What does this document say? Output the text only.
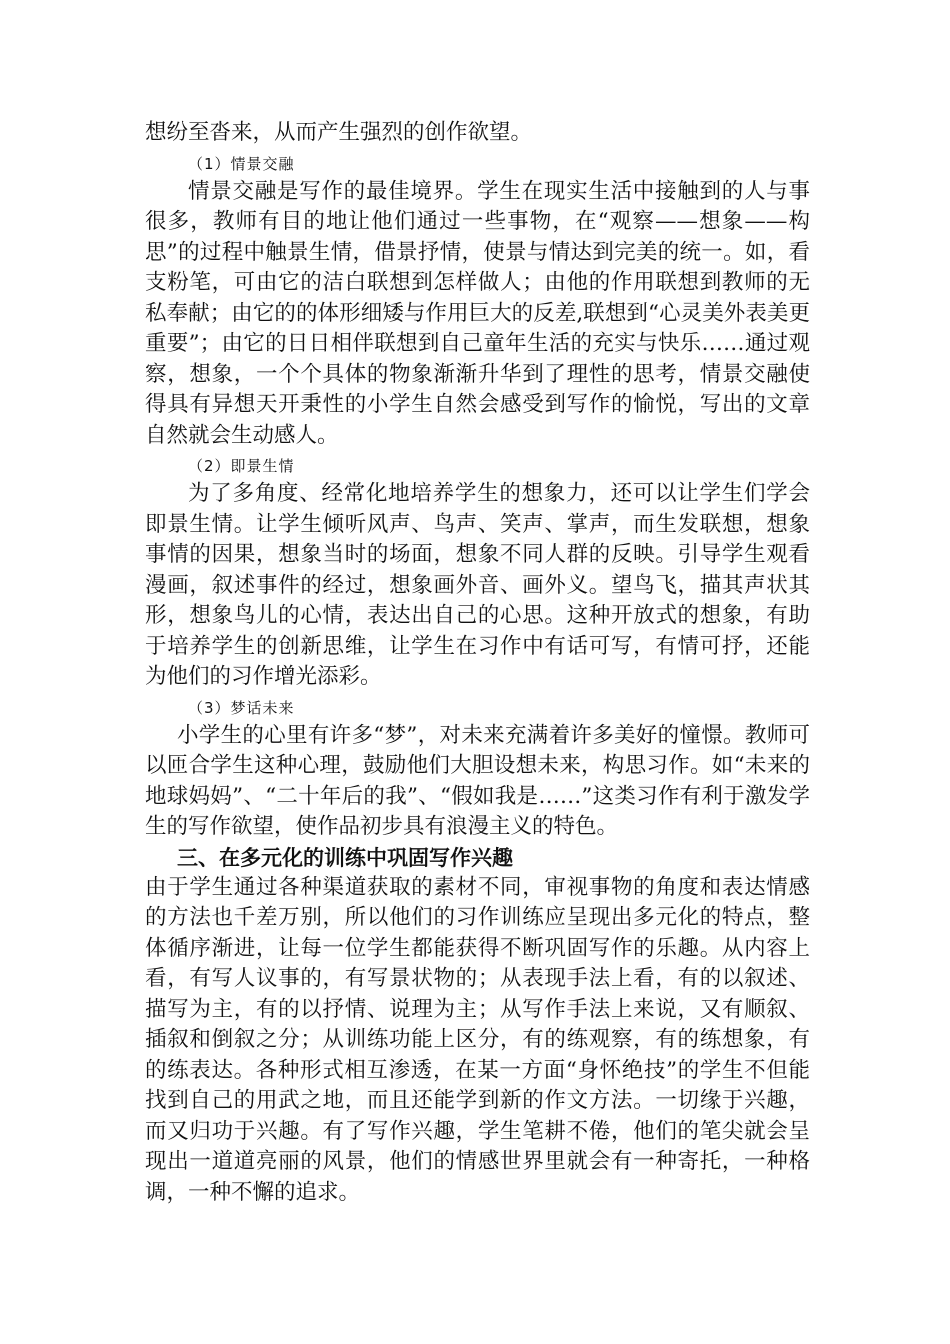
想纷至沓来，从而产生强烈的创作欲望。

（1）情景交融

情景交融是写作的最佳境界。学生在现实生活中接触到的人与事很多，教师有目的地让他们通过一些事物，在“观察——想象——构思”的过程中触景生情，借景抒情，使景与情达到完美的统一。如，看支粉笔，可由它的洁白联想到怎样做人；由他的作用联想到教师的无私奉献；由它的的体形细矮与作用巨大的反差,联想到“心灵美外表美更重要”；由它的日日相伴联想到自己童年生活的充实与快乐……通过观察，想象，一个个具体的物象渐渐升华到了理性的思考，情景交融使得具有异想天开秉性的小学生自然会感受到写作的愉悦，写出的文章自然就会生动感人。

（2）即景生情

为了多角度、经常化地培养学生的想象力，还可以让学生们学会即景生情。让学生倾听风声、鸟声、笑声、掌声，而生发联想，想象事情的因果，想象当时的场面，想象不同人群的反映。引导学生观看漫画，叙述事件的经过，想象画外音、画外义。望鸟飞，描其声状其形，想象鸟儿的心情，表达出自己的心思。这种开放式的想象，有助于培养学生的创新思维，让学生在习作中有话可写，有情可抒，还能为他们的习作增光添彩。

（3）梦话未来

小学生的心里有许多“梦”，对未来充满着许多美好的憧憬。教师可以匝合学生这种心理，鼓励他们大胆设想未来，构思习作。如“未来的地球妈妈”、“二十年后的我”、“假如我是……”这类习作有利于激发学生的写作欲望，使作品初步具有浪漫主义的特色。

三、在多元化的训练中巩固写作兴趣

由于学生通过各种渠道获取的素材不同，审视事物的角度和表达情感的方法也千差万别，所以他们的习作训练应呈现出多元化的特点，整体循序渐进，让每一位学生都能获得不断巩固写作的乐趣。从内容上看，有写人议事的，有写景状物的；从表现手法上看，有的以叙述、描写为主，有的以抒情、说理为主；从写作手法上来说，又有顺叙、插叙和倒叙之分；从训练功能上区分，有的练观察，有的练想象，有的练表达。各种形式相互渗透，在某一方面“身怀绝技”的学生不但能找到自己的用武之地，而且还能学到新的作文方法。一切缘于兴趣，而又归功于兴趣。有了写作兴趣，学生笔耕不倦，他们的笔尖就会呈现出一道道亮丽的风景，他们的情感世界里就会有一种寄托，一种格调，一种不懈的追求。
